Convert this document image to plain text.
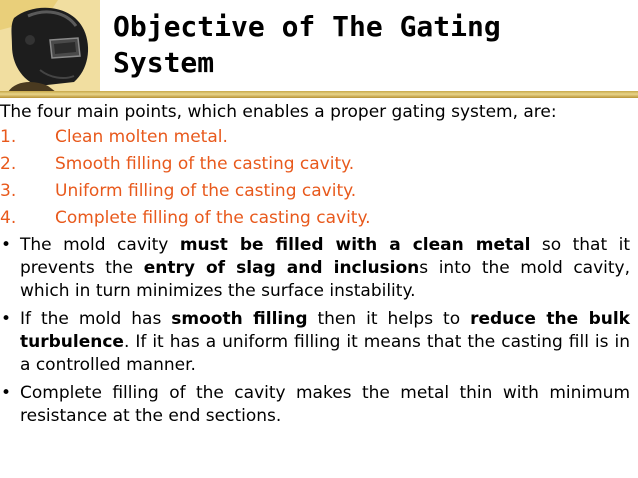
Objective of The Gating
System

The four main points, which enables a proper gating system, are:

1. Clean molten metal.
2. Smooth filling of the casting cavity.
3. Uniform filling of the casting cavity.
4. Complete filling of the casting cavity.
• The mold cavity must be filled with a clean metal so that it prevents the entry of slag and inclusions into the mold cavity, which in turn minimizes the surface instability.
• If the mold has smooth filling then it helps to reduce the bulk turbulence. If it has a uniform filling it means that the casting fill is in a controlled manner.
• Complete filling of the cavity makes the metal thin with minimum resistance at the end sections.
